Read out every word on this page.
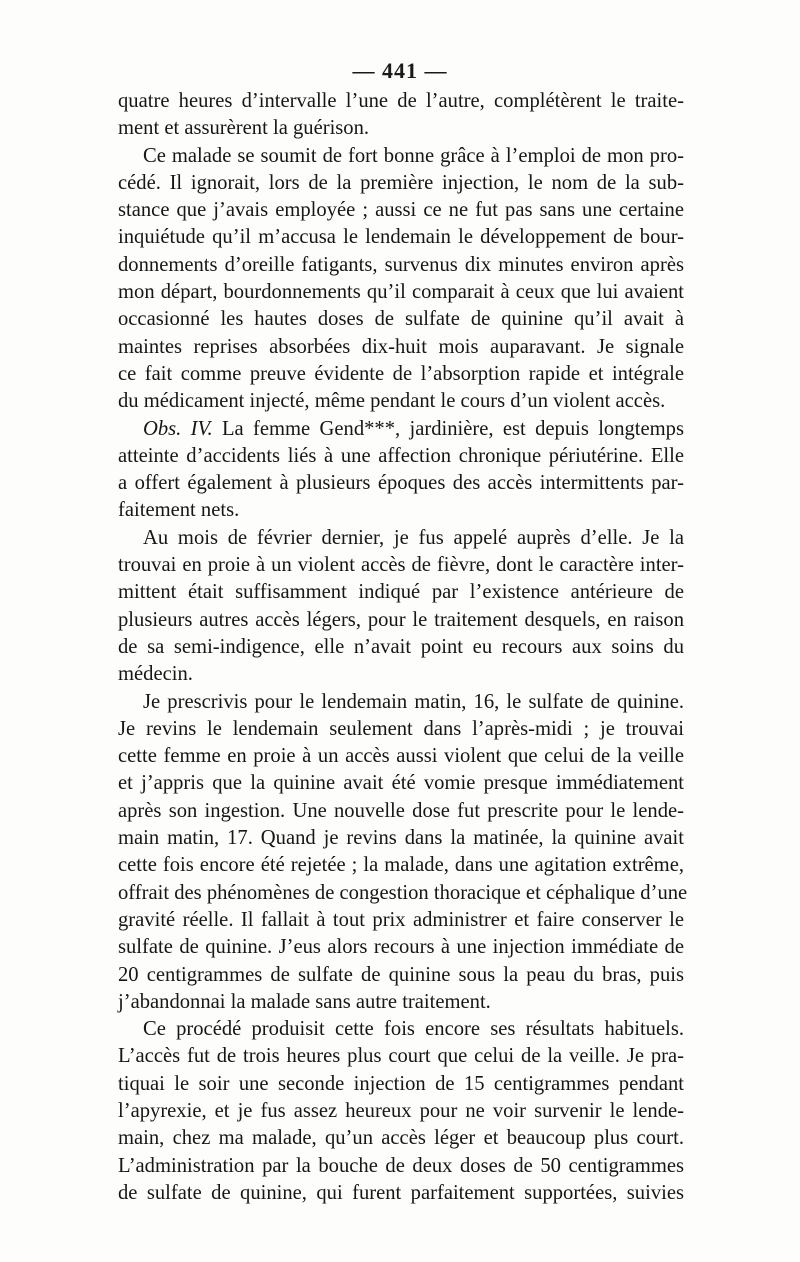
— 441 —
quatre heures d’intervalle l’une de l’autre, complétèrent le traite-
ment et assurèrent la guérison.
Ce malade se soumit de fort bonne grâce à l’emploi de mon pro-
cédé. Il ignorait, lors de la première injection, le nom de la sub-
stance que j’avais employée ; aussi ce ne fut pas sans une certaine
inquiétude qu’il m’accusa le lendemain le développement de bour-
donnements d’oreille fatigants, survenus dix minutes environ après
mon départ, bourdonnements qu’il comparait à ceux que lui avaient
occasionné les hautes doses de sulfate de quinine qu’il avait à
maintes reprises absorbées dix-huit mois auparavant. Je signale
ce fait comme preuve évidente de l’absorption rapide et intégrale
du médicament injecté, même pendant le cours d’un violent accès.
Obs. IV. La femme Gend***, jardinière, est depuis longtemps
atteinte d’accidents liés à une affection chronique périutérine. Elle
a offert également à plusieurs époques des accès intermittents par-
faitement nets.
Au mois de février dernier, je fus appelé auprès d’elle. Je la
trouvai en proie à un violent accès de fièvre, dont le caractère inter-
mittent était suffisamment indiqué par l’existence antérieure de
plusieurs autres accès légers, pour le traitement desquels, en raison
de sa semi-indigence, elle n’avait point eu recours aux soins du
médecin.
Je prescrivis pour le lendemain matin, 16, le sulfate de quinine.
Je revins le lendemain seulement dans l’après-midi ; je trouvai
cette femme en proie à un accès aussi violent que celui de la veille
et j’appris que la quinine avait été vomie presque immédiatement
après son ingestion. Une nouvelle dose fut prescrite pour le lende-
main matin, 17. Quand je revins dans la matinée, la quinine avait
cette fois encore été rejetée ; la malade, dans une agitation extrême,
offrait des phénomènes de congestion thoracique et céphalique d’une
gravité réelle. Il fallait à tout prix administrer et faire conserver le
sulfate de quinine. J’eus alors recours à une injection immédiate de
20 centigrammes de sulfate de quinine sous la peau du bras, puis
j’abandonnai la malade sans autre traitement.
Ce procédé produisit cette fois encore ses résultats habituels.
L’accès fut de trois heures plus court que celui de la veille. Je pra-
tiquai le soir une seconde injection de 15 centigrammes pendant
l’apyrexie, et je fus assez heureux pour ne voir survenir le lende-
main, chez ma malade, qu’un accès léger et beaucoup plus court.
L’administration par la bouche de deux doses de 50 centigrammes
de sulfate de quinine, qui furent parfaitement supportées, suivies
